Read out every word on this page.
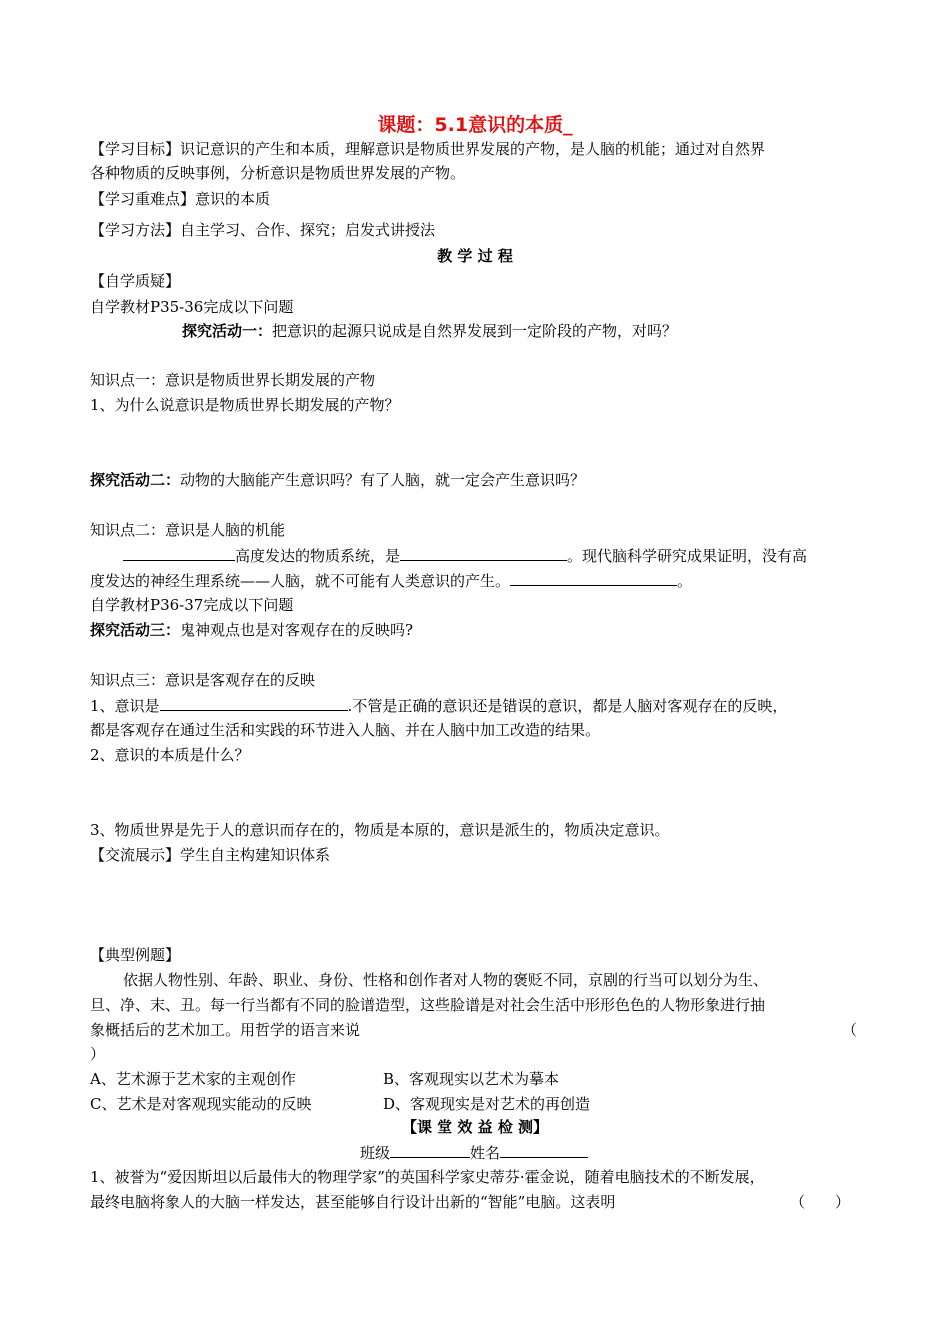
课题：5.1意识的本质_
【学习目标】识记意识的产生和本质，理解意识是物质世界发展的产物，是人脑的机能；通过对自然界
各种物质的反映事例，分析意识是物质世界发展的产物。
【学习重难点】意识的本质
【学习方法】自主学习、合作、探究；启发式讲授法
教 学 过 程
【自学质疑】
自学教材P35-36完成以下问题
探究活动一：把意识的起源只说成是自然界发展到一定阶段的产物，对吗？
知识点一：意识是物质世界长期发展的产物
1、为什么说意识是物质世界长期发展的产物？
探究活动二：动物的大脑能产生意识吗？有了人脑，就一定会产生意识吗？
知识点二：意识是人脑的机能
高度发达的物质系统，是	。现代脑科学研究成果证明，没有高
度发达的神经生理系统——人脑，就不可能有人类意识的产生。	。
自学教材P36-37完成以下问题
探究活动三：鬼神观点也是对客观存在的反映吗?
知识点三：意识是客观存在的反映
1、意识是	.不管是正确的意识还是错误的意识，都是人脑对客观存在的反映，
都是客观存在通过生活和实践的环节进入人脑、并在人脑中加工改造的结果。
2、意识的本质是什么？
3、物质世界是先于人的意识而存在的，物质是本原的，意识是派生的，物质决定意识。
【交流展示】学生自主构建知识体系
【典型例题】
依据人物性别、年龄、职业、身份、性格和创作者对人物的褒贬不同，京剧的行当可以划分为生、
旦、净、末、丑。每一行当都有不同的脸谱造型，这些脸谱是对社会生活中形形色色的人物形象进行抽
象概括后的艺术加工。用哲学的语言来说	（
）
A、艺术源于艺术家的主观创作	B、客观现实以艺术为摹本
C、艺术是对客观现实能动的反映	D、客观现实是对艺术的再创造
【课 堂 效 益 检 测】
班级	姓名
1、被誉为“爱因斯坦以后最伟大的物理学家”的英国科学家史蒂芬·霍金说，随着电脑技术的不断发展，
最终电脑将象人的大脑一样发达，甚至能够自行设计出新的“智能”电脑。这表明	（　　）
